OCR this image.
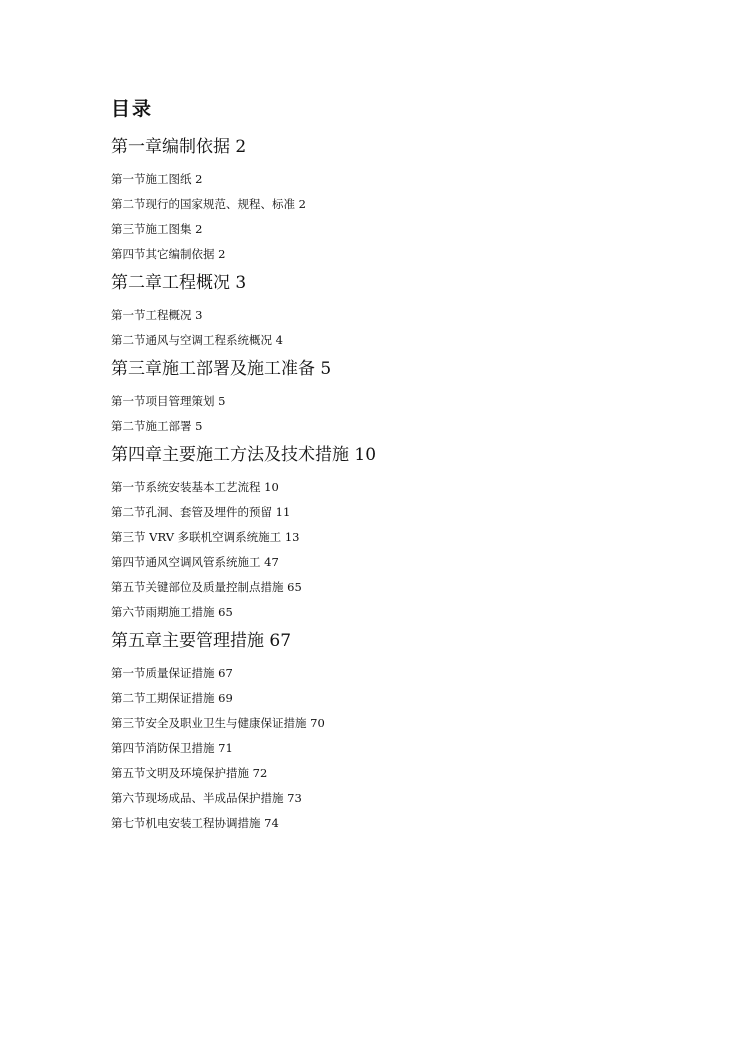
目录
第一章编制依据 2
第一节施工图纸 2
第二节现行的国家规范、规程、标准 2
第三节施工图集 2
第四节其它编制依据 2
第二章工程概况 3
第一节工程概况 3
第二节通风与空调工程系统概况 4
第三章施工部署及施工准备 5
第一节项目管理策划 5
第二节施工部署 5
第四章主要施工方法及技术措施 10
第一节系统安装基本工艺流程 10
第二节孔洞、套管及埋件的预留 11
第三节 VRV 多联机空调系统施工 13
第四节通风空调风管系统施工 47
第五节关键部位及质量控制点措施 65
第六节雨期施工措施 65
第五章主要管理措施 67
第一节质量保证措施 67
第二节工期保证措施 69
第三节安全及职业卫生与健康保证措施 70
第四节消防保卫措施 71
第五节文明及环境保护措施 72
第六节现场成品、半成品保护措施 73
第七节机电安装工程协调措施 74
